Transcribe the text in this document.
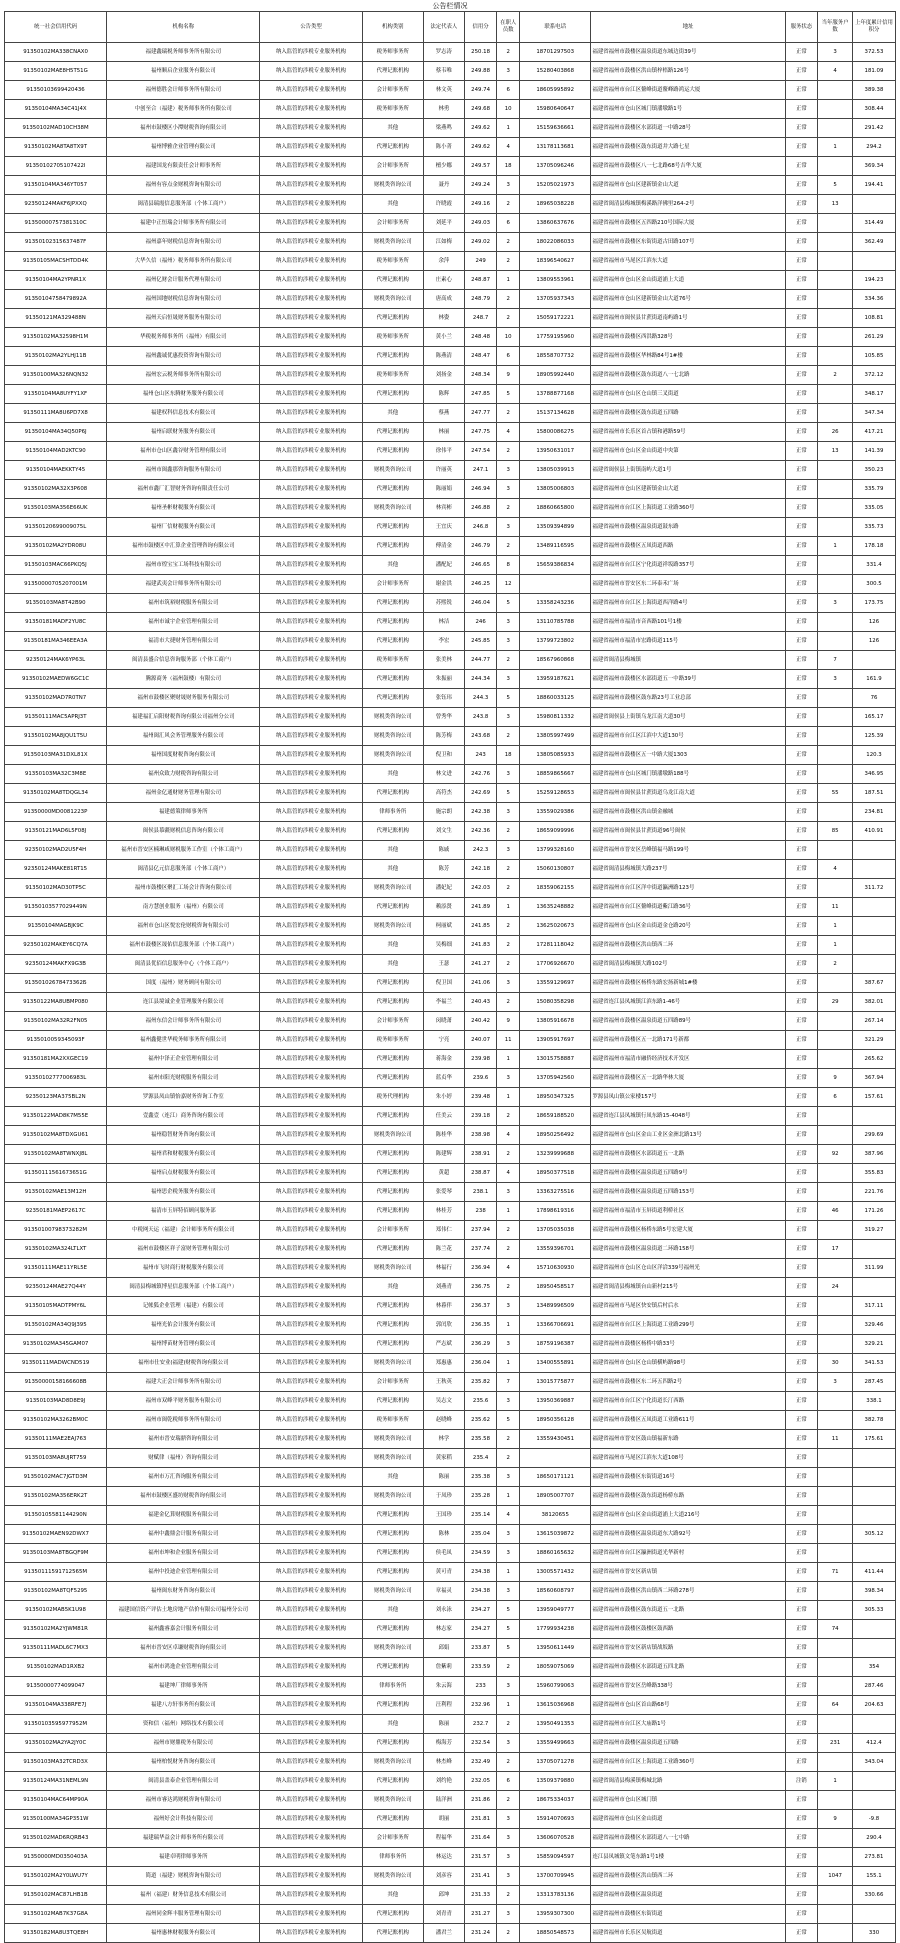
公告栏情况
统一社会信用代码	机构名称	公告类型	机构类别	法定代表人	信用分	在职人员数	联系电话	地址	服务状态	当年服务户数	上年度累计信用积分
91350102MA338CNAX0	福建鑫瑞税务师事务所有限公司	纳入监管的涉税专业服务机构	税务师事务所	罗志涛	250.18	2	18701297503	福建省福州市鼓楼区温泉街道东城边街39号	正常	3	372.53
91350102MAE8H5T51G	福州顺启企业服务有限公司	纳入监管的涉税专业服务机构	代理记账机构	蔡韦唯	249.88	3	15280403868	福建省福州市鼓楼区洪山镇梓梧路126号	正常	4	181.09
91350103699420436	福州德胜会计师事务所有限公司	纳入监管的涉税专业服务机构	会计师事务所	林文英	249.74	6	18605995892	福建省福州市台江区鳌峰街道鳌峰路鸿运大厦	正常		389.38
91350104MA34C41J4X	中创至合（福建）税务师事务所有限公司	纳入监管的涉税专业服务机构	税务师事务所	林勇	249.68	10	15980640647	福建省福州市仓山区城门镇潘墩路1号	正常		308.44
91350102MAD10CH38M	福州市鼓楼区小潭财税咨询有限公司	纳入监管的涉税专业服务机构	其他	梁燕鸣	249.62	1	15159636661	福建省福州市鼓楼区水部街道一中路28号	正常		291.42
91350102MA8TA8TX9T	福州博雅企业管理有限公司	纳入监管的涉税专业服务机构	代理记账机构	陈小菁	249.62	4	13178113681	福建省福州市鼓楼区鼓东街道井大路七星	正常	1	294.2
91350102705107422I	福建国龙有限责任会计师事务所	纳入监管的涉税专业服务机构	会计师事务所	檀少娜	249.57	18	13705096246	福建省福州市鼓楼区八一七北路68号吉华大厦	正常		369.34
91350104MA346YT057	福州有容点金财税咨询有限公司	纳入监管的涉税专业服务机构	财税类咨询公司	聂丹	249.24	3	15205021973	福建省福州市仓山区建新镇金山大道	正常	5	194.41
92350124MAKF6JPXXQ	闽清县瑞霞信息服务部（个体工商户）	纳入监管的涉税专业服务机构	其他	许晓霞	249.16	2	18965038228	福建省闽清县梅城镇梅溪路洋佛里264-2号	正常	13	
91350000757381310C	福建中正恒瑞会计师事务所有限公司	纳入监管的涉税专业服务机构	会计师事务所	刘延平	249.03	6	13860637676	福建省福州市鼓楼区五四路210号国际大厦	正常		314.49
91350102315637487F	福州嘉年财税信息咨询有限公司	纳入监管的涉税专业服务机构	财税类咨询公司	江如梅	249.02	2	18022086033	福建省福州市鼓楼区东街街道古田路107号	正常		362.49
91350105MACSHTDD4K	大华久信（福州）税务师事务所有限公司	纳入监管的涉税专业服务机构	税务师事务所	余萍	249	2	18396540627	福建省福州市马尾区江滨东大道	正常		
91350104MA2YPNR1X	福州亿财会计服务代理有限公司	纳入监管的涉税专业服务机构	代理记账机构	庄素心	248.87	1	13809553961	福建省福州市仓山区金山街道浦上大道	正常		194.23
91350104758479892A	福州国地财税信息咨询有限公司	纳入监管的涉税专业服务机构	财税类咨询公司	唐高成	248.79	2	13705937343	福建省福州市仓山区建新镇金山大道76号	正常		334.36
91350121MA329488N	福州天启恒晟财务服务有限公司	纳入监管的涉税专业服务机构	代理记账机构	林姿	248.7	2	15059172221	福建省福州市闽侯县甘蔗街道南屿路1号	正常		108.81
91350102MA32598H1M	华税税务师事务所（福州）有限公司	纳入监管的涉税专业服务机构	税务师事务所	黄小兰	248.48	10	17759195960	福建省福州市鼓楼区西洪路328号	正常		261.29
91350102MA2YLHJ11B	福州鑫诚优惠投资咨询有限公司	纳入监管的涉税专业服务机构	代理记账机构	陈燕清	248.47	6	18558707732	福建省福州市鼓楼区华林路84号1#楼	正常		105.85
91350100MA326NQN32	福州宏云税务师事务所有限公司	纳入监管的涉税专业服务机构	税务师事务所	刘扬金	248.34	9	18905992440	福建省福州市鼓楼区鼓东街道八一七北路	正常	2	372.12
91350104MA8UYFY1XF	福州仓山区东腾财务服务有限公司	纳入监管的涉税专业服务机构	代理记账机构	陈辉	247.85	5	13788877168	福建省福州市仓山区仓山镇三叉街道	正常		348.17
91350111MA8U6PD7X8	福建权科信息技术有限公司	纳入监管的涉税专业服务机构	其他	蔡燕	247.77	2	15137134628	福建省福州市鼓楼区鼓东街道五四路	正常		347.34
91350104MA34Q50P6J	福州启联财务服务有限公司	纳入监管的涉税专业服务机构	代理记账机构	林丽	247.75	4	15800086275	福建省福州市长乐区首占镇和港路59号	正常	26	417.21
91350104MAD2KTC90	福州市仓山区鑫谷财务管理有限公司	纳入监管的涉税专业服务机构	代理记账机构	徐伟平	247.54	2	13950631017	福建省福州市仓山区金山街道中央第	正常	13	141.39
91350104MAEKKTY45	福州市闽鑫那咨询服务有限公司	纳入监管的涉税专业服务机构	财税类咨询公司	许丽英	247.1	3	13805039913	福建省闽侯县上街镇南屿大道1号	正常		350.23
91350102MA32X3P608	福州市鑫厂汇智财务咨询有限责任公司	纳入监管的涉税专业服务机构	代理记账机构	陈丽娟	246.94	3	13805006803	福建省福州市仓山区建新镇金山大道	正常		335.79
91350103MA356E66UK	福州圣彬财税服务有限公司	纳入监管的涉税专业服务机构	财税类咨询公司	林宾彬	246.88	2	18860665800	福建省福州市台江区上海街道工业路360号	正常		335.05
91350120699009075L	福州厂信财税服务有限公司	纳入监管的涉税专业服务机构	代理记账机构	王宜庆	246.8	3	13509394899	福建省福州市鼓楼区温泉街道鼓东路	正常		335.73
91350102MA2YDR08U	福州市鼓楼区中汇算企业管理咨询有限公司	纳入监管的涉税专业服务机构	代理记账机构	傅清金	246.79	2	13489116595	福建省福州市鼓楼区五凤街道西路	正常	1	178.18
91350103MAC66PKQ5J	福州市煌宝宝工场科技有限公司	纳入监管的涉税专业服务机构	其他	潘配妃	246.65	8	15659386834	福建省福州市台江区宁化街道祥坂路357号	正常		331.4
91350000705207001M	福建武夷会计师事务所有限公司	纳入监管的涉税专业服务机构	会计师事务所	谢金洪	246.25	12		福建省福州市晋安区东二环泰禾广场	正常		300.5
91350103MA8T42B90	福州市筑裕财税服务有限公司	纳入监管的涉税专业服务机构	代理记账机构	苏熙锐	246.04	5	13358243236	福建省福州市台江区上海街道西洋路4号	正常	3	173.75
91350181MADF2YU8C	福州市诚宇企业管理有限公司	纳入监管的涉税专业服务机构	代理记账机构	林洁	246	3	13110785788	福建省福州市福清市音西路101号1楼	正常		126
91350181MA346EEA3A	福清市大捷财务管理有限公司	纳入监管的涉税专业服务机构	代理记账机构	李宏	245.85	3	13799723802	福建省福州市福清市宏路街道115号	正常		126
92350124MAK6YP63L	闽清县盛合信息咨询服务部（个体工商户）	纳入监管的涉税专业服务机构	税务师事务所	张美林	244.77	2	18567960868	福建省闽清县梅城镇	正常	7	
91350102MAEDW6GC1C	腾源商务（福州鼓楼）有限公司	纳入监管的涉税专业服务机构	代理记账机构	朱振丽	244.34	3	13959187621	福建省福州市鼓楼区水部街道五一中路39号	正常	3	161.9
91350102MAD7R0TN7	福州市鼓楼区聚财晟财务服务有限公司	纳入监管的涉税专业服务机构	代理记账机构	张钰玮	244.3	5	18860033125	福建省福州市鼓楼区鼓东路23号工业总部	正常		76
91350111MAC5APRJ3T	福建福汇启阳财税咨询有限公司福州分公司	纳入监管的涉税专业服务机构	财税类咨询公司	曾秀华	243.8	3	15980811332	福建省闽侯县上街镇乌龙江南大道30号	正常		165.17
91350102MA8JQU1T5U	福州闽汇风会务管理服务有限公司	纳入监管的涉税专业服务机构	财税类咨询公司	陈芳梅	243.68	2	13805997499	福建省福州市台江区江滨中大道130号	正常		125.39
91350103MA31DXL81X	福州国度财税咨询有限公司	纳入监管的涉税专业服务机构	财税类咨询公司	倪卫和	243	18	13805085933	福建省福州市鼓楼区五一中路大厦1303	正常		120.3
91350103MA32C3M8E	福州众致力财税咨询有限公司	纳入监管的涉税专业服务机构	其他	林文进	242.76	3	18859865667	福建省福州市仓山区城门镇潘墩路188号	正常		346.95
91350102MA8TDQGL34	福州金亿通财财务管理有限公司	纳入监管的涉税专业服务机构	代理记账机构	高符杰	242.69	5	15259128653	福建省福州市闽侯县甘蔗街道乌龙江南大道	正常	55	187.51
91350000MD0081223P	福建德策律师事务所	纳入监管的涉税专业服务机构	律师事务所	施宗朗	242.38	3	13559029386	福建省福州市鼓楼区洪山镇金融城	正常		234.81
91350121MAD6L5F08J	闽侯县慕疆财税信息咨询有限公司	纳入监管的涉税专业服务机构	代理记账机构	刘文生	242.36	2	18659099996	福建省福州市闽侯县甘蔗街道96号闽侯	正常	85	410.91
92350102MAD2U5F4H	福州市晋安区楠琳咸财税服务工作室（个体工商户）	纳入监管的涉税专业服务机构	其他	陈戚	242.3	3	13799328160	福建省福州市晋安区岳峰镇福马路199号	正常		
92350124MAKE81RT15	闽清县亿元信息服务部（个体工商户）	纳入监管的涉税专业服务机构	其他	陈芳	242.18	2	15060130807	福建省闽清县梅城镇大路237号	正常	4	
91350102MAD30TP5C	福州市鼓楼区聚汇工场会计咨询有限公司	纳入监管的涉税专业服务机构	财税类咨询公司	潘妃妃	242.03	2	18359062155	福建省福州市台江区洋中街道瀛洲路123号	正常		311.72
91350103577029449N	南方慧创业服务（福州）有限公司	纳入监管的涉税专业服务机构	代理记账机构	赖添贤	241.89	1	13635248882	福建省福州市台江区鳌峰街道紫江路36号	正常	11	
91350104MAGBJK9C	福州市仓山区悦宏伦财税咨询有限公司	纳入监管的涉税专业服务机构	财税类咨询公司	柯丽斌	241.85	2	13625020673	福建省福州市仓山区金山街道金仓路20号	正常	1	
92350102MAKEY6CQ7A	福州市鼓楼区晟佑信息服务部（个体工商户）	纳入监管的涉税专业服务机构	其他	吴梅细	241.83	2	17281118042	福建省福州市鼓楼区洪山镇西二环	正常	1	
92350124MAKFX9G3B	闽清县优佰信息服务中心（个体工商户）	纳入监管的涉税专业服务机构	其他	王瑟	241.27	2	17706926670	福建省闽清县梅城镇大路102号	正常	2	
91350102678473362Б	国度（福州）财务顾问有限公司	纳入监管的涉税专业服务机构	代理记账机构	倪卫国	241.06	3	13559129697	福建省福州市鼓楼区杨桥东路宏扬新城1#楼	正常		387.67
91350122MA8UBMP080	连江县境诚企业管理服务有限公司	纳入监管的涉税专业服务机构	代理记账机构	李福兰	240.43	2	15080358298	福建省连江县凤城镇江滨东路1-46号	正常	29	382.01
91350102MA32R2FN05	福州东信会计师事务所有限公司	纳入监管的涉税专业服务机构	会计师事务所	闵晓萧	240.42	9	13805916678	福建省福州市鼓楼区温泉街道五四路89号	正常		267.14
9135010059345093F	福州鑫健世华税务师事务所有限公司	纳入监管的涉税专业服务机构	税务师事务所	宁亮	240.07	11	13905917697	福建省福州市鼓楼区五一北路171号新都	正常		321.29
91350181MA2XXGEC19	福州中泽正企业管理有限公司	纳入监管的涉税专业服务机构	代理记账机构	蒋海金	239.98	1	13015758887	福建省福州市福清市融侨经济技术开发区	正常		265.62
91350102777006983L	福州市阳光财税服务有限公司	纳入监管的涉税专业服务机构	代理记账机构	蓝贞华	239.6	3	13705942560	福建省福州市鼓楼区五一北路华林大厦	正常	9	367.94
92350123MA375BL2N	罗源县凤山镇怡嘉财务咨询工作室	纳入监管的涉税专业服务机构	税务代理机构	朱小婷	239.48	1	18950347325	罗源县凤山镇公家楼157号	正常	6	157.61
91350122MAD8K7M55E	壹鑫壹（连江）商务咨询有限公司	纳入监管的涉税专业服务机构	代理记账机构	任美云	239.18	2	18659188520	福建省连江县凤城镇行凤东路15-4048号	正常		
91350102MA8TDXGU61	福州稳智财务咨询有限公司	纳入监管的涉税专业服务机构	财税类咨询公司	陈桂华	238.98	4	18950256492	福建省福州市仓山区金山工业区金洲北路13号	正常		299.69
91350102MA8TWNXJ8L	福州君和财税服务有限公司	纳入监管的涉税专业服务机构	代理记账机构	陈建辉	238.91	2	13239999688	福建省福州市鼓楼区水部街道五一北路	正常	92	387.96
91350111561673651G	福州启点财税服务有限公司	纳入监管的涉税专业服务机构	代理记账机构	黄超	238.87	4	18950377518	福建省福州市鼓楼区温泉街道五四路9号	正常		355.83
91350102MAE13M12H	福州思企税务服务有限公司	纳入监管的涉税专业服务机构	代理记账机构	张爱琴	238.1	3	13363275516	福建省福州市鼓楼区温泉街道五四路153号	正常		221.76
92350181MAEP2617C	福清市玉屏特佰顾问服务部	纳入监管的涉税专业服务机构	代理记账机构	林桂芳	238	1	17898619316	福建省福州市福清市玉屏街道利桥社区	正常	46	171.26
91350100798373282M	中税网天运（福建）会计师事务所有限公司	纳入监管的涉税专业服务机构	会计师事务所	郑伟仁	237.94	2	13705035038	福建省福州市鼓楼区杨桥东路5号宏建大厦	正常		319.27
91350102MA324LTLXT	福州市鼓楼区祥子富财务管理有限公司	纳入监管的涉税专业服务机构	代理记账机构	陈兰花	237.74	2	13559396701	福建省福州市鼓楼区温泉街道二环路158号	正常	17	
91350111MAE11YRL5E	福州市飞时商行财税服务有限公司	纳入监管的涉税专业服务机构	财税类咨询公司	林福行	236.94	4	15710630930	福建省福州市仓山区仓山区洋洽339号福州光	正常		311.99
92350124MAE27Q44Y	闽清县梅城镇博星信息服务部（个体工商户）	纳入监管的涉税专业服务机构	其他	刘燕青	236.75	2	18950458517	福建省闽清县梅城镇台山新村215号	正常	24	
91350105MADTPMY6L	记帐狐企业管理（福建）有限公司	纳入监管的涉税专业服务机构	代理记账机构	林暮伴	236.37	3	13489996509	福建省福州市马尾区快安镇后村后水	正常		317.11
91350102MA34Q9J395	福州光佑会计服务有限公司	纳入监管的涉税专业服务机构	代理记账机构	郭闰欣	236.35	1	13366706691	福建省福州市台江区上海街道工业路299号	正常		329.46
91350102MA345GAM07	福州博苗财务管理有限公司	纳入监管的涉税专业服务机构	代理记账机构	严志斌	236.29	3	18759196387	福建省福州市鼓楼区杨桥中路33号	正常		329.21
91350111MADWCND519	福州市仕安业(福建)财税咨询有限公司	纳入监管的涉税专业服务机构	财税类咨询公司	郑惠惠	236.04	1	13400555891	福建省福州市仓山区仓山镇横屿路98号	正常	30	341.53
91350000158166608B	福建大正会计师事务所有限公司	纳入监管的涉税专业服务机构	会计师事务所	王秋英	235.82	7	13015775877	福建省福州市鼓楼区东二环五四路2号	正常	3	287.45
91350103MAD8D8E9J	福州市双峰平财务服务有限公司	纳入监管的涉税专业服务机构	代理记账机构	吴志文	235.6	3	13950369887	福建省福州市台江区宁化街道长汀西路	正常		338.1
91350102MA3262BM0C	福州市闽乾税师事务所有限公司	纳入监管的涉税专业服务机构	税务师事务所	赵晓峰	235.62	5	18950356128	福建省福州市鼓楼区五凤街道工业路611号	正常		382.78
91350111MAE2EAJ763	福州市晋安瑞鼎咨询有限公司	纳入监管的涉税专业服务机构	财税类咨询公司	林学	235.58	2	13559430451	福建省福州市晋安区鼓山镇福新东路	正常	11	175.61
91350103MA8UJRT759	财赋律（福州）咨询有限公司	纳入监管的涉税专业服务机构	财税类咨询公司	黄家稻	235.4	2		福建省福州市马尾区江滨东大道108号	正常		
91350102MAC7JGTD3M	福州市万汇咨询服务有限公司	纳入监管的涉税专业服务机构	其他	陈丽	235.38	3	18650171121	福建省福州市鼓楼区东街街道16号	正常		
91350102MA356ERK2T	福州市鼓楼区盛坊财税咨询有限公司	纳入监管的涉税专业服务机构	财税类咨询公司	于凤珍	235.28	1	18905007707	福建省福州市鼓楼区鼓东街道杨桥东路	正常		
91350105581144290N	福建金亿算财税服务有限公司	纳入监管的涉税专业服务机构	代理记账机构	王国珍	235.14	4	38120655	福建省福州市仓山区金山街道浦上大道216号	正常		
91350102MAEN92DWX7	福州中鑫鼎会计服务有限公司	纳入监管的涉税专业服务机构	代理记账机构	陈林	235.04	3	13615039872	福建省福州市鼓楼区温泉街道东大路92号	正常		305.12
91350103MA8TBGQF9M	福州市坤和企业服务有限公司	纳入监管的涉税专业服务机构	代理记账机构	侯毛凤	234.59	3	18860165632	福建省福州市台江区瀛洲街道光华新村	正常		
91350111591712565M	福州中投迪企业管理有限公司	纳入监管的涉税专业服务机构	代理记账机构	黄可青	234.38	1	13005571432	福建省福州市晋安区新店镇	正常	71	411.44
91350102MA8TQF5295	福州闽东财务咨询有限公司	纳入监管的涉税专业服务机构	财税类咨询公司	章福灵	234.38	3	18560608797	福建省福州市鼓楼区洪山镇西二环路278号	正常		398.34
91350102MAB5K1U98	福建国信资产评估土地房地产估价有限公司福州分公司	纳入监管的涉税专业服务机构	其他	刘永泳	234.27	5	13959049777	福建省福州市鼓楼区鼓东街道五一北路	正常		305.33
91350102MA2YJWM81R	福州鑫睿嘉会计服务有限公司	纳入监管的涉税专业服务机构	代理记账机构	林志家	234.27	5	17799934238	福建省福州市鼓楼区鼓楼区鼓西路	正常	74	
91350111MADL6C7MX3	福州市晋安区卓谦财税咨询有限公司	纳入监管的涉税专业服务机构	财税类咨询公司	邱娟	233.87	5	13950611449	福建省福州市晋安区新店镇战坂路	正常		
91350102MAD1RXB2	福州市鸿逸企业管理有限公司	纳入监管的涉税专业服务机构	代理记账机构	詹紫莉	233.59	2	18059075069	福建省福州市鼓楼区水部街道五四北路	正常		354
91350000774099047	福建坤厂律师事务所	纳入监管的涉税专业服务机构	律师事务所	朱云海	233	3	15960799063	福建省福州市晋安区岳峰路338号	正常		287.46
91350104MA338RFE7J	福建八方轩事务所有限公司	纳入监管的涉税专业服务机构	代理记账机构	汪利程	232.96	1	13615036968	福建省福州市仓山区首山路68号	正常	64	204.63
91350103595977952M	资和信（福州）网络技术有限公司	纳入监管的涉税专业服务机构	其他	陈丽	232.7	2	13950491353	福建省福州市台江区大庙路1号	正常		
91350102MA2YA2JY0C	福州市财鼎税务有限公司	纳入监管的涉税专业服务机构	代理记账机构	梅海芳	232.54	3	13559499663	福建省福州市鼓楼区温泉街道五四路	正常	231	412.4
91350103MA32TCRD3X	福州柏悦财务咨询有限公司	纳入监管的涉税专业服务机构	财税类咨询公司	林杰峰	232.49	2	13705071278	福建省福州市台江区上海街道工业路360号	正常		343.04
91350124MA31NEML9N	闽清县盖泰企业管理有限公司	纳入监管的涉税专业服务机构	代理记账机构	刘约艳	232.05	6	13509379880	福建省闽清县梅溪镇梅城北路	注销	1	
91350104MAC64MP90A	福州市睿达鸿财税咨询有限公司	纳入监管的涉税专业服务机构	财税类咨询公司	陆洋洲	231.86	2	18675334037	福建省福州市仓山区城门镇	正常		
91350100MA34GP351W	福州好会计科技有限公司	纳入监管的涉税专业服务机构	代理记账机构	胡丽	231.81	3	15914070693	福建省福州市仓山区金山街道	正常	9	-9.8
91350102MAD6RQRB43	福建瑞华益会计师事务所有限公司	纳入监管的涉税专业服务机构	会计师事务所	程福华	231.64	3	13606070528	福建省福州市鼓楼区水部街道八一七中路	正常		290.4
91350000MD0350403A	福建卓明律师事务所	纳入监管的涉税专业服务机构	律师事务所	林运达	231.57	3	15859094597	连江县凤城镇文笔东路1号1楼	正常		273.81
91350102MA2Y0LWU7Y	简道（福建）财税咨询有限公司	纳入监管的涉税专业服务机构	财税类咨询公司	刘彦容	231.41	3	13700709945	福建省福州市鼓楼区洪山镇西二环	正常	1047	155.1
91350102MAC87LHB1B	福州（福建）财务信息技术有限公司	纳入监管的涉税专业服务机构	其他	邱坤	231.33	2	13313783136	福建省福州市鼓楼区温泉街道	正常		330.66
91350102MAB7K37G8A	福州同金辉丰服务管理有限公司	纳入监管的涉税专业服务机构	代理记账机构	刘青青	231.27	3	13959307300	福建省福州市鼓楼区东街街道	正常		
91350182MA8U3TQE8H	福州惠林财税服务有限公司	纳入监管的涉税专业服务机构	代理记账机构	潘君兰	231.24	2	18850548573	福建省福州市长乐区吴航街道	正常		330
